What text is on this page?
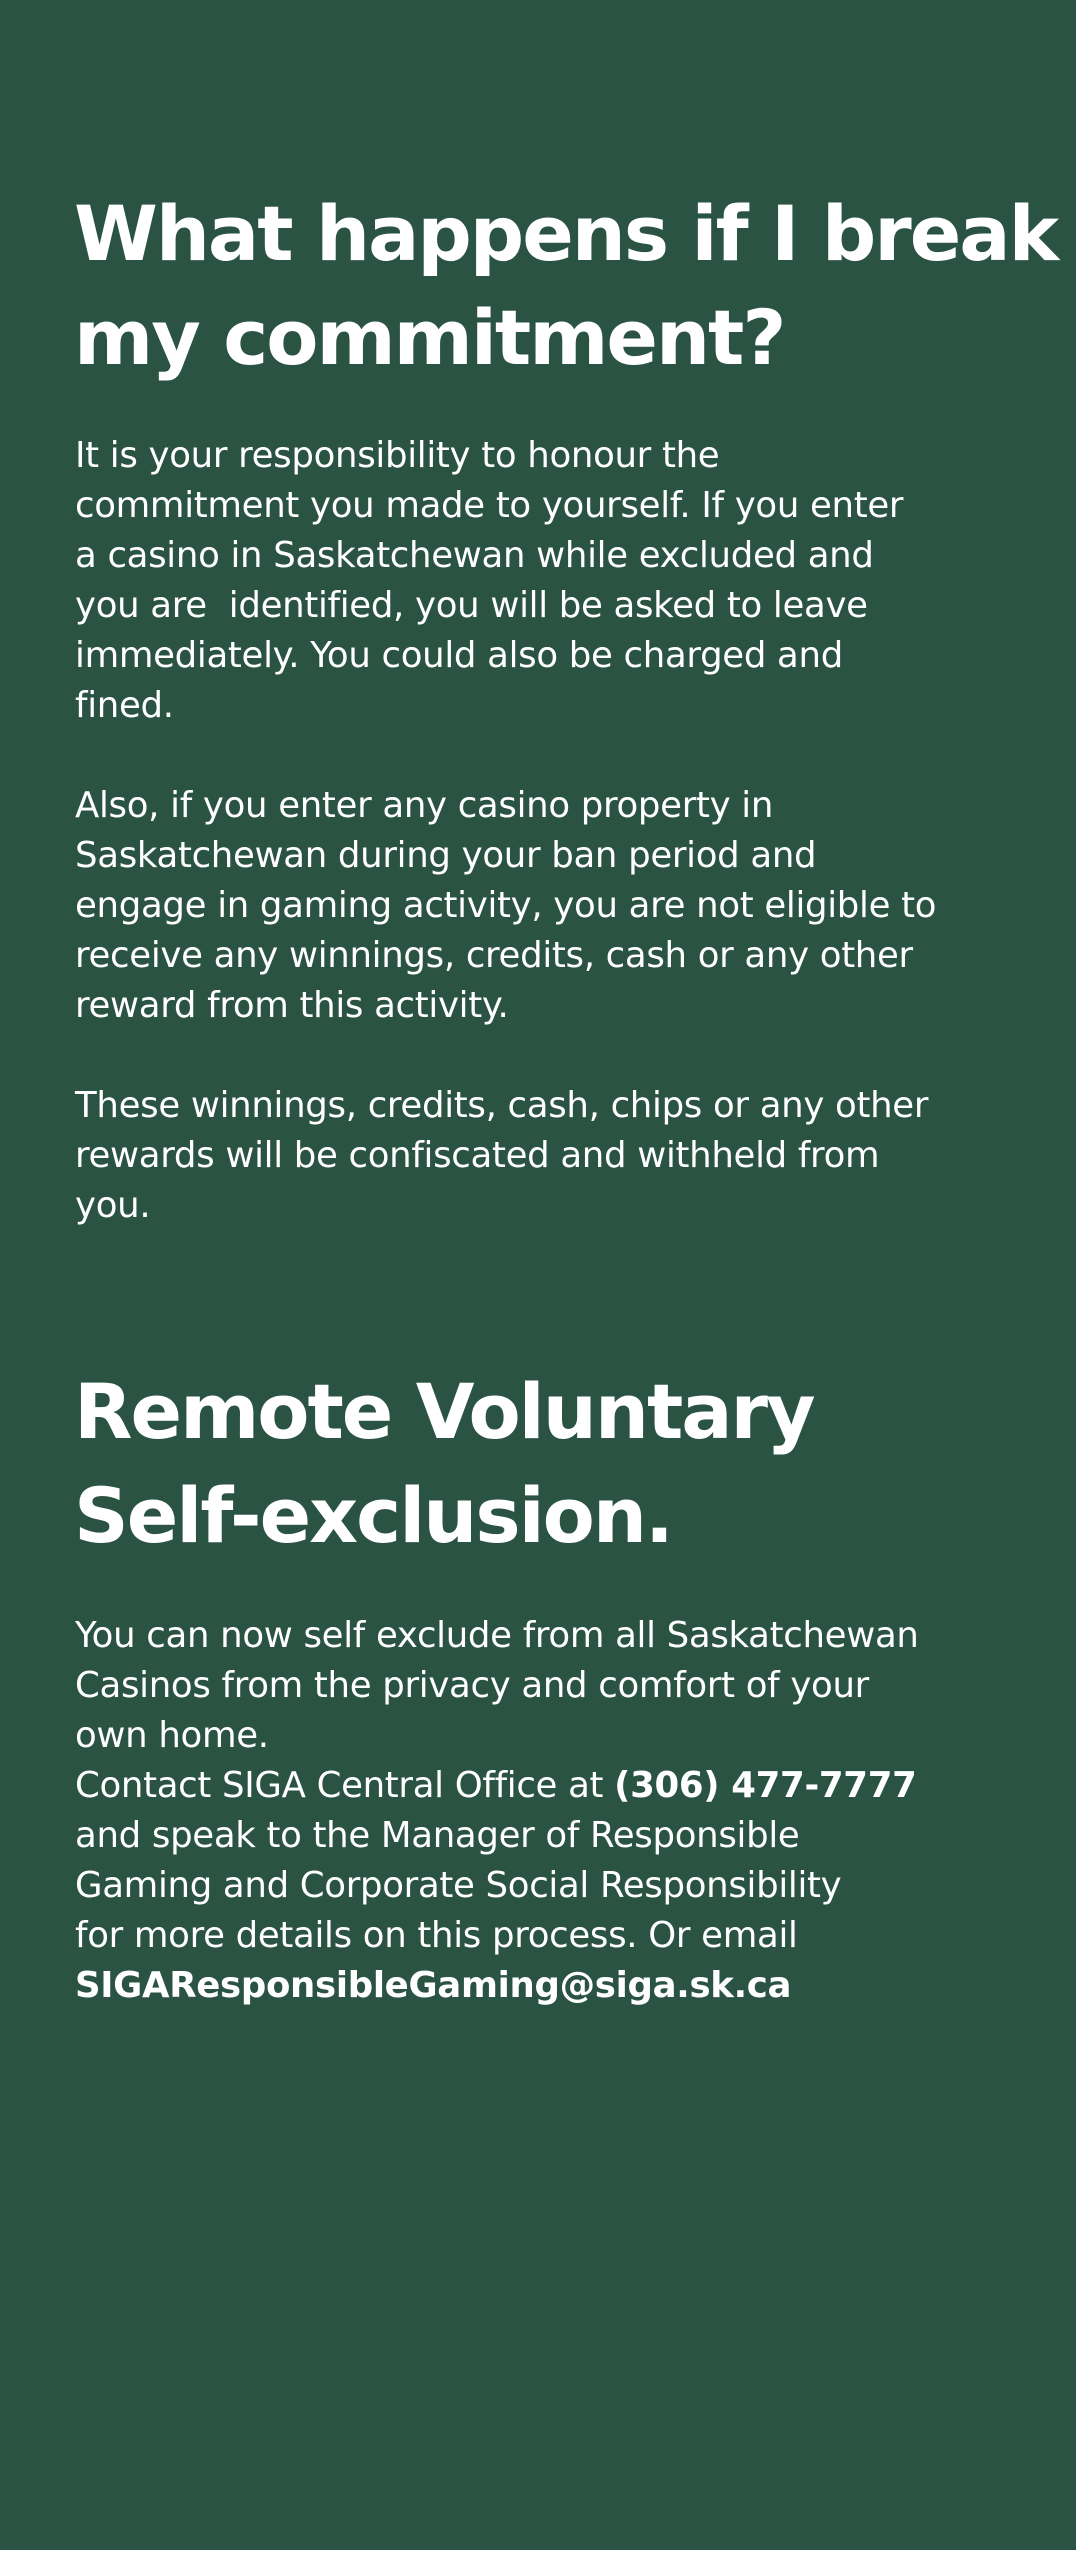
What happens if I break
my commitment?
It is your responsibility to honour the
commitment you made to yourself. If you enter
a casino in Saskatchewan while excluded and
you are  identified, you will be asked to leave
immediately. You could also be charged and
fined.
Also, if you enter any casino property in
Saskatchewan during your ban period and
engage in gaming activity, you are not eligible to
receive any winnings, credits, cash or any other
reward from this activity.
These winnings, credits, cash, chips or any other
rewards will be confiscated and withheld from
you.
Remote Voluntary
Self-exclusion.
You can now self exclude from all Saskatchewan
Casinos from the privacy and comfort of your
own home.
Contact SIGA Central Office at (306) 477-7777
and speak to the Manager of Responsible
Gaming and Corporate Social Responsibility
for more details on this process. Or email
SIGAResponsibleGaming@siga.sk.ca
